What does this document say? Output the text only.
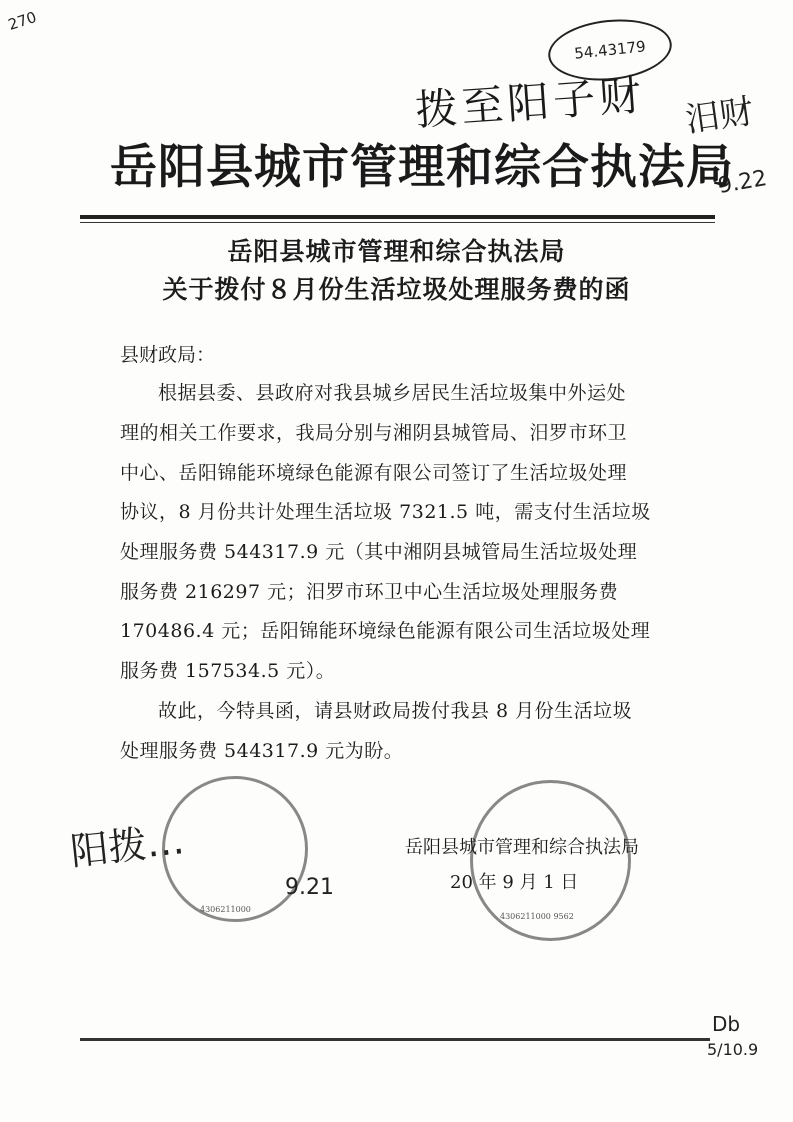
270
54.43179
拨至阳子财 汨财
9.22
岳阳县城市管理和综合执法局
岳阳县城市管理和综合执法局
关于拨付８月份生活垃圾处理服务费的函
县财政局：
根据县委、县政府对我县城乡居民生活垃圾集中外运处
理的相关工作要求，我局分别与湘阴县城管局、汨罗市环卫
中心、岳阳锦能环境绿色能源有限公司签订了生活垃圾处理
协议，8 月份共计处理生活垃圾 7321.5 吨，需支付生活垃圾
处理服务费 544317.9 元（其中湘阴县城管局生活垃圾处理
服务费 216297 元；汨罗市环卫中心生活垃圾处理服务费
170486.4 元；岳阳锦能环境绿色能源有限公司生活垃圾处理
服务费 157534.5 元）。
故此，今特具函，请县财政局拨付我县 8 月份生活垃圾
处理服务费 544317.9 元为盼。
4306211000
4306211000 9562
岳阳县城市管理和综合执法局
20 年 9 月 1 日
阳拨…
9.21
Db
5/10.9
